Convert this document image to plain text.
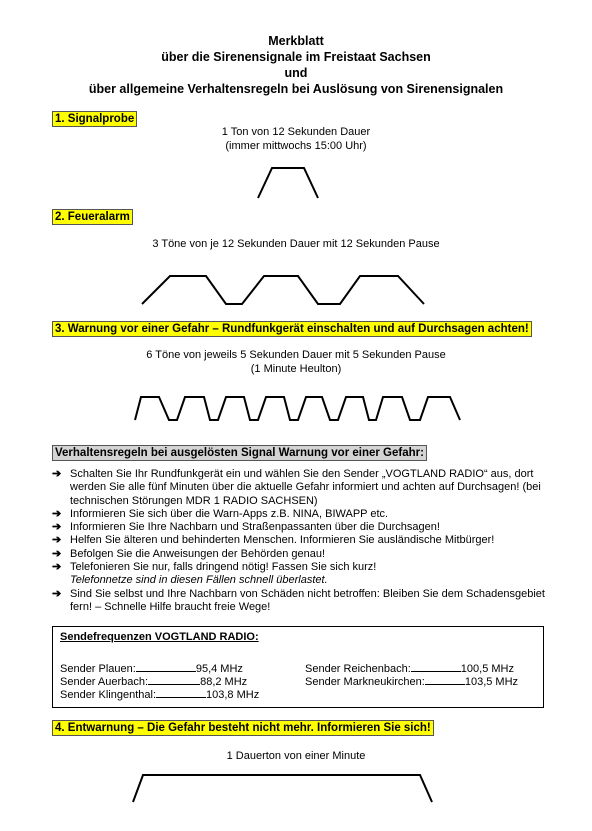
Merkblatt
über die Sirenensignale im Freistaat Sachsen
und
über allgemeine Verhaltensregeln bei Auslösung von Sirenensignalen
1. Signalprobe
1 Ton von 12 Sekunden Dauer
(immer mittwochs 15:00 Uhr)
2. Feueralarm
3 Töne von je 12 Sekunden Dauer mit 12 Sekunden Pause
3. Warnung vor einer Gefahr – Rundfunkgerät einschalten und auf Durchsagen achten!
6 Töne von jeweils 5 Sekunden Dauer mit 5 Sekunden Pause
(1 Minute Heulton)
Verhaltensregeln bei ausgelösten Signal Warnung vor einer Gefahr:
➔ Schalten Sie Ihr Rundfunkgerät ein und wählen Sie den Sender „VOGTLAND RADIO“ aus, dort werden Sie alle fünf Minuten über die aktuelle Gefahr informiert und achten auf Durchsagen! (bei technischen Störungen MDR 1 RADIO SACHSEN)
➔ Informieren Sie sich über die Warn-Apps z.B. NINA, BIWAPP etc.
➔ Informieren Sie Ihre Nachbarn und Straßenpassanten über die Durchsagen!
➔ Helfen Sie älteren und behinderten Menschen. Informieren Sie ausländische Mitbürger!
➔ Befolgen Sie die Anweisungen der Behörden genau!
➔ Telefonieren Sie nur, falls dringend nötig! Fassen Sie sich kurz!
Telefonnetze sind in diesen Fällen schnell überlastet.
➔ Sind Sie selbst und Ihre Nachbarn von Schäden nicht betroffen: Bleiben Sie dem Schadensgebiet fern! – Schnelle Hilfe braucht freie Wege!
Sendefrequenzen VOGTLAND RADIO:
Sender Plauen:	95,4 MHz
Sender Auerbach:	88,2 MHz
Sender Klingenthal:	103,8 MHz
Sender Reichenbach:	100,5 MHz
Sender Markneukirchen:	103,5 MHz
4. Entwarnung – Die Gefahr besteht nicht mehr. Informieren Sie sich!
1 Dauerton von einer Minute
